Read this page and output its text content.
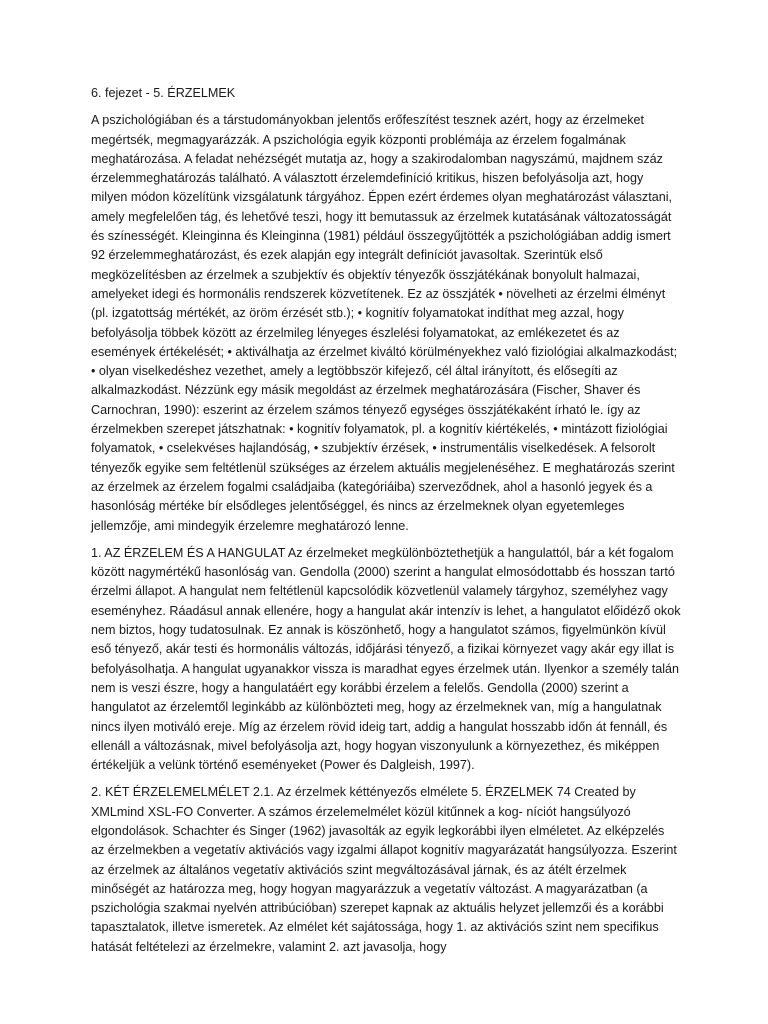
6. fejezet - 5. ÉRZELMEK

A pszichológiában és a társtudományokban jelentős erőfeszítést tesznek azért, hogy az érzelmeket megértsék, megmagyarázzák. A pszichológia egyik központi problémája az érzelem fogalmának meghatározása. A feladat nehézségét mutatja az, hogy a szakirodalomban nagyszámú, majdnem száz érzelemmeghatározás található. A választott érzelemdefiníció kritikus, hiszen befolyásolja azt, hogy milyen módon közelítünk vizsgálatunk tárgyához. Éppen ezért érdemes olyan meghatározást választani, amely megfelelően tág, és lehetővé teszi, hogy itt bemutassuk az érzelmek kutatásának változatosságát és színességét. Kleinginna és Kleinginna (1981) például összegyűjtötték a pszichológiában addig ismert 92 érzelemmeghatározást, és ezek alapján egy integrált definíciót javasoltak. Szerintük első megközelítésben az érzelmek a szubjektív és objektív tényezők összjátékának bonyolult halmazai, amelyeket idegi és hormonális rendszerek közvetítenek. Ez az összjáték • növelheti az érzelmi élményt (pl. izgatottság mértékét, az öröm érzését stb.); • kognitív folyamatokat indíthat meg azzal, hogy befolyásolja többek között az érzelmileg lényeges észlelési folyamatokat, az emlékezetet és az események értékelését; • aktiválhatja az érzelmet kiváltó körülményekhez való fiziológiai alkalmazkodást; • olyan viselkedéshez vezethet, amely a legtöbbször kifejező, cél által irányított, és elősegíti az alkalmazkodást. Nézzünk egy másik megoldást az érzelmek meghatározására (Fischer, Shaver és Carnochran, 1990): eszerint az érzelem számos tényező egységes összjátékaként írható le. így az érzelmekben szerepet játszhatnak: • kognitív folyamatok, pl. a kognitív kiértékelés, • mintázott fiziológiai folyamatok, • cselekvéses hajlandóság, • szubjektív érzések, • instrumentális viselkedések. A felsorolt tényezők egyike sem feltétlenül szükséges az érzelem aktuális megjelenéséhez. E meghatározás szerint az érzelmek az érzelem fogalmi családjaiba (kategóriáiba) szerveződnek, ahol a hasonló jegyek és a hasonlóság mértéke bír elsődleges jelentőséggel, és nincs az érzelmeknek olyan egyetemleges jellemzője, ami mindegyik érzelemre meghatározó lenne.

1. AZ ÉRZELEM ÉS A HANGULAT Az érzelmeket megkülönböztethetjük a hangulattól, bár a két fogalom között nagymértékű hasonlóság van. Gendolla (2000) szerint a hangulat elmosódottabb és hosszan tartó érzelmi állapot. A hangulat nem feltétlenül kapcsolódik közvetlenül valamely tárgyhoz, személyhez vagy eseményhez. Ráadásul annak ellenére, hogy a hangulat akár intenzív is lehet, a hangulatot előidéző okok nem biztos, hogy tudatosulnak. Ez annak is köszönhető, hogy a hangulatot számos, figyelmünkön kívül eső tényező, akár testi és hormonális változás, időjárási tényező, a fizikai környezet vagy akár egy illat is befolyásolhatja. A hangulat ugyanakkor vissza is maradhat egyes érzelmek után. Ilyenkor a személy talán nem is veszi észre, hogy a hangulatáért egy korábbi érzelem a felelős. Gendolla (2000) szerint a hangulatot az érzelemtől leginkább az különbözteti meg, hogy az érzelmeknek van, míg a hangulatnak nincs ilyen motiváló ereje. Míg az érzelem rövid ideig tart, addig a hangulat hosszabb időn át fennáll, és ellenáll a változásnak, mivel befolyásolja azt, hogy hogyan viszonyulunk a környezethez, és miképpen értékeljük a velünk történő eseményeket (Power és Dalgleish, 1997).

2. KÉT ÉRZELEMELMÉLET 2.1. Az érzelmek kéttényezős elmélete 5. ÉRZELMEK 74 Created by XMLmind XSL-FO Converter. A számos érzelemelmélet közül kitűnnek a kog- níciót hangsúlyozó elgondolások. Schachter és Singer (1962) javasolták az egyik legkorábbi ilyen elméletet. Az elképzelés az érzelmekben a vegetatív aktivációs vagy izgalmi állapot kognitív magyarázatát hangsúlyozza. Eszerint az érzelmek az általános vegetatív aktivációs szint megváltozásával járnak, és az átélt érzelmek minőségét az határozza meg, hogy hogyan magyarázzuk a vegetatív változást. A magyarázatban (a pszichológia szakmai nyelvén attribúcióban) szerepet kapnak az aktuális helyzet jellemzői és a korábbi tapasztalatok, illetve ismeretek. Az elmélet két sajátossága, hogy 1. az aktivációs szint nem specifikus hatását feltételezi az érzelmekre, valamint 2. azt javasolja, hogy
